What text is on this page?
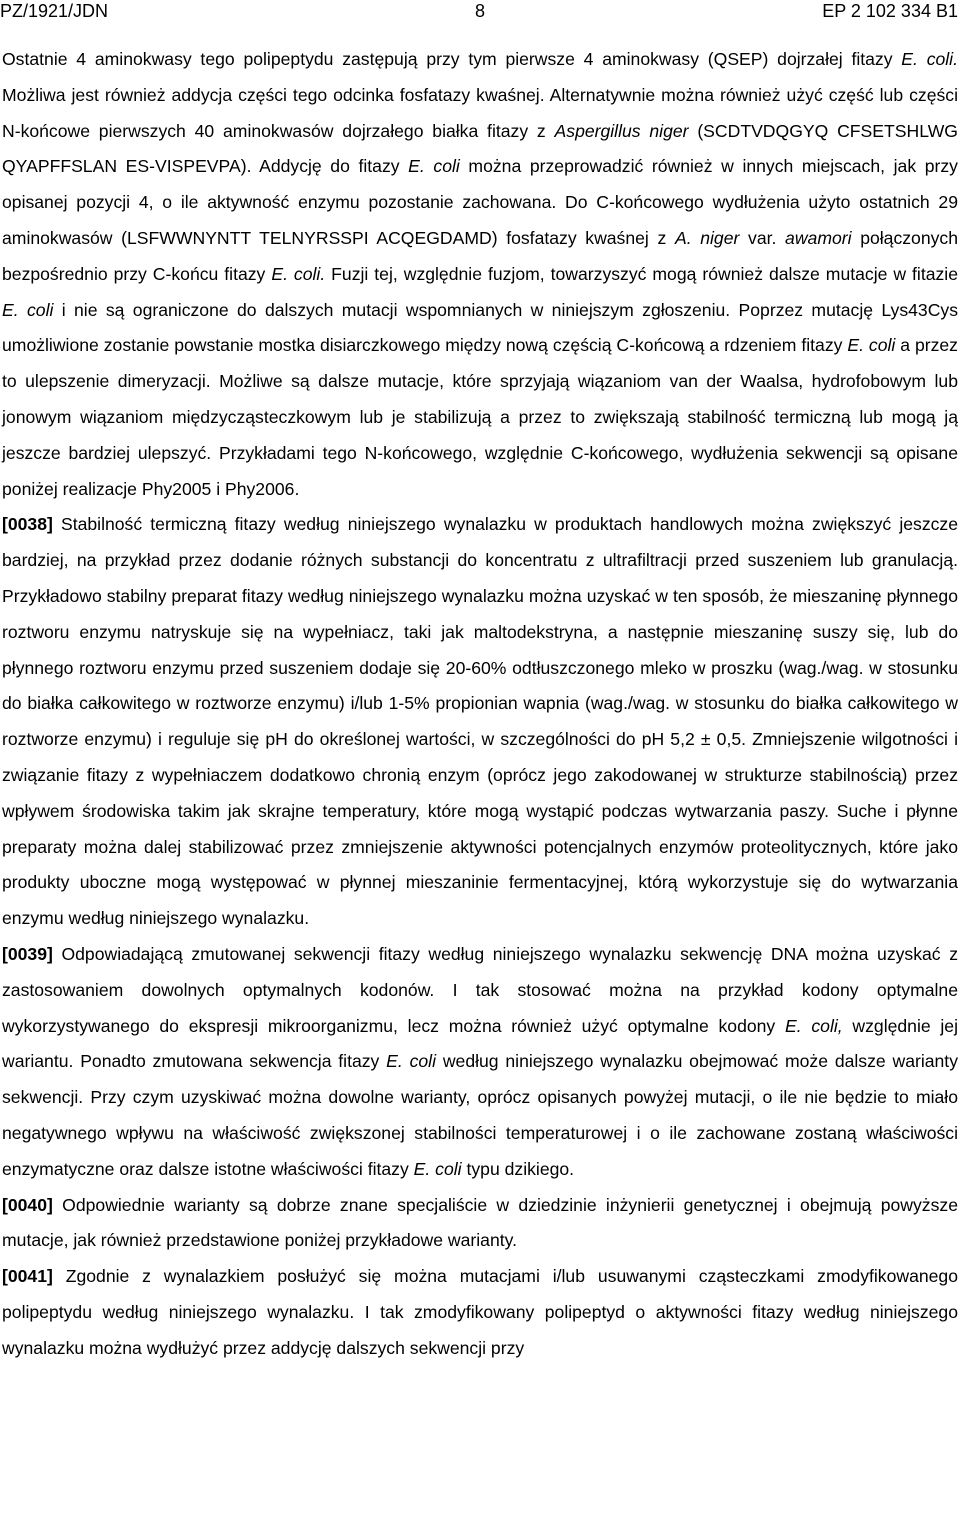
PZ/1921/JDN	8	EP 2 102 334 B1

Ostatnie 4 aminokwasy tego polipeptydu zastępują przy tym pierwsze 4 aminokwasy (QSEP) dojrzałej fitazy E. coli. Możliwa jest również addycja części tego odcinka fosfatazy kwaśnej. Alternatywnie można również użyć część lub części N-końcowe pierwszych 40 aminokwasów dojrzałego białka fitazy z Aspergillus niger (SCDTVDQGYQ CFSETSHLWG QYAPFFSLAN ES-VISPEVPA). Addycję do fitazy E. coli można przeprowadzić również w innych miejscach, jak przy opisanej pozycji 4, o ile aktywność enzymu pozostanie zachowana. Do C-końcowego wydłużenia użyto ostatnich 29 aminokwasów (LSFWWNYNTT TELNYRSSPI ACQEGDAMD) fosfatazy kwaśnej z A. niger var. awamori połączonych bezpośrednio przy C-końcu fitazy E. coli. Fuzji tej, względnie fuzjom, towarzyszyć mogą również dalsze mutacje w fitazie E. coli i nie są ograniczone do dalszych mutacji wspomnianych w niniejszym zgłoszeniu. Poprzez mutację Lys43Cys umożliwione zostanie powstanie mostka disiarczkowego między nową częścią C-końcową a rdzeniem fitazy E. coli a przez to ulepszenie dimeryzacji. Możliwe są dalsze mutacje, które sprzyjają wiązaniom van der Waalsa, hydrofobowym lub jonowym wiązaniom międzycząsteczkowym lub je stabilizują a przez to zwiększają stabilność termiczną lub mogą ją jeszcze bardziej ulepszyć. Przykładami tego N-końcowego, względnie C-końcowego, wydłużenia sekwencji są opisane poniżej realizacje Phy2005 i Phy2006.

[0038] Stabilność termiczną fitazy według niniejszego wynalazku w produktach handlowych można zwiększyć jeszcze bardziej, na przykład przez dodanie różnych substancji do koncentratu z ultrafiltracji przed suszeniem lub granulacją. Przykładowo stabilny preparat fitazy według niniejszego wynalazku można uzyskać w ten sposób, że mieszaninę płynnego roztworu enzymu natryskuje się na wypełniacz, taki jak maltodekstryna, a następnie mieszaninę suszy się, lub do płynnego roztworu enzymu przed suszeniem dodaje się 20-60% odtłuszczonego mleko w proszku (wag./wag. w stosunku do białka całkowitego w roztworze enzymu) i/lub 1-5% propionian wapnia (wag./wag. w stosunku do białka całkowitego w roztworze enzymu) i reguluje się pH do określonej wartości, w szczególności do pH 5,2 ± 0,5. Zmniejszenie wilgotności i związanie fitazy z wypełniaczem dodatkowo chronią enzym (oprócz jego zakodowanej w strukturze stabilnością) przez wpływem środowiska takim jak skrajne temperatury, które mogą wystąpić podczas wytwarzania paszy. Suche i płynne preparaty można dalej stabilizować przez zmniejszenie aktywności potencjalnych enzymów proteolitycznych, które jako produkty uboczne mogą występować w płynnej mieszaninie fermentacyjnej, którą wykorzystuje się do wytwarzania enzymu według niniejszego wynalazku.

[0039] Odpowiadającą zmutowanej sekwencji fitazy według niniejszego wynalazku sekwencję DNA można uzyskać z zastosowaniem dowolnych optymalnych kodonów. I tak stosować można na przykład kodony optymalne wykorzystywanego do ekspresji mikroorganizmu, lecz można również użyć optymalne kodony E. coli, względnie jej wariantu. Ponadto zmutowana sekwencja fitazy E. coli według niniejszego wynalazku obejmować może dalsze warianty sekwencji. Przy czym uzyskiwać można dowolne warianty, oprócz opisanych powyżej mutacji, o ile nie będzie to miało negatywnego wpływu na właściwość zwiększonej stabilności temperaturowej i o ile zachowane zostaną właściwości enzymatyczne oraz dalsze istotne właściwości fitazy E. coli typu dzikiego.

[0040] Odpowiednie warianty są dobrze znane specjaliście w dziedzinie inżynierii genetycznej i obejmują powyższe mutacje, jak również przedstawione poniżej przykładowe warianty.

[0041] Zgodnie z wynalazkiem posłużyć się można mutacjami i/lub usuwanymi cząsteczkami zmodyfikowanego polipeptydu według niniejszego wynalazku. I tak zmodyfikowany polipeptyd o aktywności fitazy według niniejszego wynalazku można wydłużyć przez addycję dalszych sekwencji przy
